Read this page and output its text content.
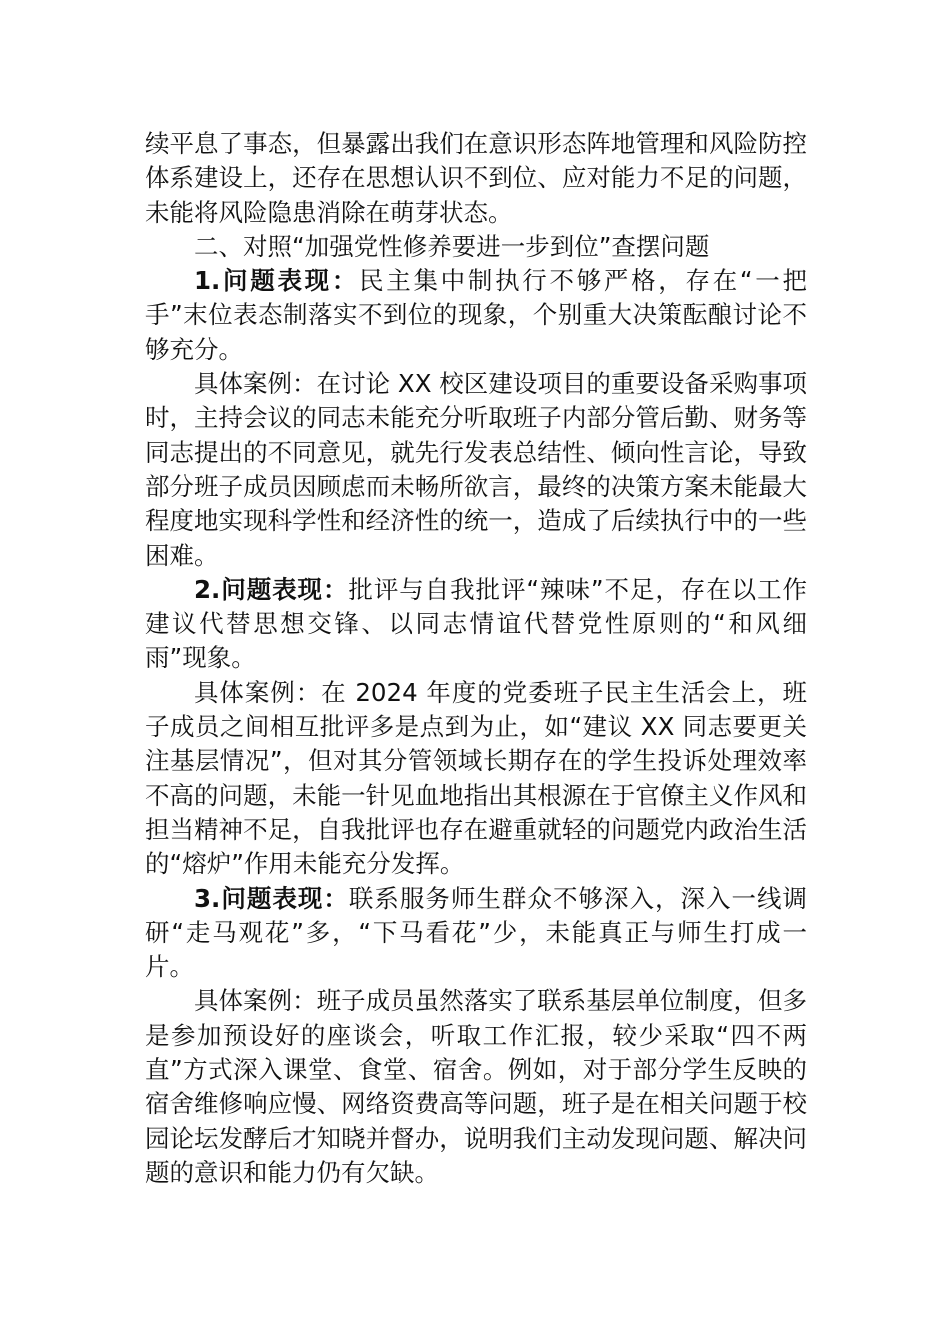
续平息了事态，但暴露出我们在意识形态阵地管理和风险防控体系建设上，还存在思想认识不到位、应对能力不足的问题，未能将风险隐患消除在萌芽状态。

二、对照“加强党性修养要进一步到位”查摆问题

1.问题表现：民主集中制执行不够严格，存在“一把手”末位表态制落实不到位的现象，个别重大决策酝酿讨论不够充分。

具体案例：在讨论 XX 校区建设项目的重要设备采购事项时，主持会议的同志未能充分听取班子内部分管后勤、财务等同志提出的不同意见，就先行发表总结性、倾向性言论，导致部分班子成员因顾虑而未畅所欲言，最终的决策方案未能最大程度地实现科学性和经济性的统一，造成了后续执行中的一些困难。

2.问题表现：批评与自我批评“辣味”不足，存在以工作建议代替思想交锋、以同志情谊代替党性原则的“和风细雨”现象。

具体案例：在 2024 年度的党委班子民主生活会上，班子成员之间相互批评多是点到为止，如“建议 XX 同志要更关注基层情况”，但对其分管领域长期存在的学生投诉处理效率不高的问题，未能一针见血地指出其根源在于官僚主义作风和担当精神不足，自我批评也存在避重就轻的问题党内政治生活的“熔炉”作用未能充分发挥。

3.问题表现：联系服务师生群众不够深入，深入一线调研“走马观花”多，“下马看花”少，未能真正与师生打成一片。

具体案例：班子成员虽然落实了联系基层单位制度，但多是参加预设好的座谈会，听取工作汇报，较少采取“四不两直”方式深入课堂、食堂、宿舍。例如，对于部分学生反映的宿舍维修响应慢、网络资费高等问题，班子是在相关问题于校园论坛发酵后才知晓并督办，说明我们主动发现问题、解决问题的意识和能力仍有欠缺。
